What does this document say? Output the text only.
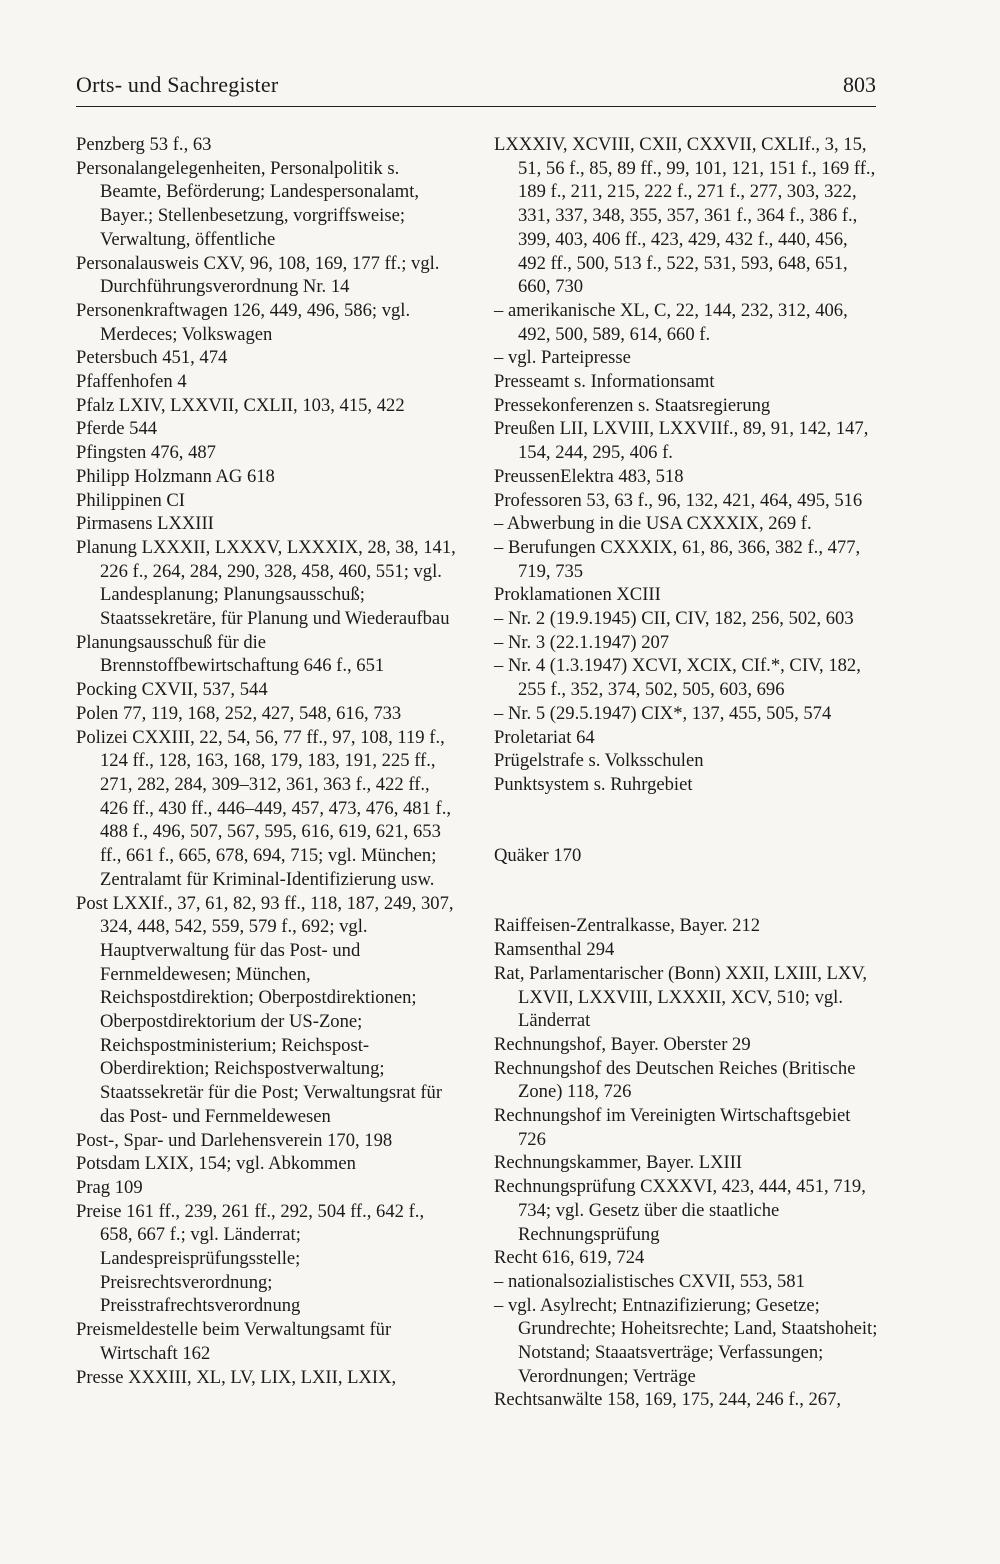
Orts- und Sachregister	803
Penzberg 53 f., 63
Personalangelegenheiten, Personalpolitik s. Beamte, Beförderung; Landespersonalamt, Bayer.; Stellenbesetzung, vorgriffsweise; Verwaltung, öffentliche
Personalausweis CXV, 96, 108, 169, 177 ff.; vgl. Durchführungsverordnung Nr. 14
Personenkraftwagen 126, 449, 496, 586; vgl. Merdeces; Volkswagen
Petersbuch 451, 474
Pfaffenhofen 4
Pfalz LXIV, LXXVII, CXLII, 103, 415, 422
Pferde 544
Pfingsten 476, 487
Philipp Holzmann AG 618
Philippinen CI
Pirmasens LXXIII
Planung LXXXII, LXXXV, LXXXIX, 28, 38, 141, 226 f., 264, 284, 290, 328, 458, 460, 551; vgl. Landesplanung; Planungsausschuß; Staatssekretäre, für Planung und Wiederaufbau
Planungsausschuß für die Brennstoffbewirtschaftung 646 f., 651
Pocking CXVII, 537, 544
Polen 77, 119, 168, 252, 427, 548, 616, 733
Polizei CXXIII, 22, 54, 56, 77 ff., 97, 108, 119 f., 124 ff., 128, 163, 168, 179, 183, 191, 225 ff., 271, 282, 284, 309–312, 361, 363 f., 422 ff., 426 ff., 430 ff., 446–449, 457, 473, 476, 481 f., 488 f., 496, 507, 567, 595, 616, 619, 621, 653 ff., 661 f., 665, 678, 694, 715; vgl. München; Zentralamt für Kriminal-Identifizierung usw.
Post LXXIf., 37, 61, 82, 93 ff., 118, 187, 249, 307, 324, 448, 542, 559, 579 f., 692; vgl. Hauptverwaltung für das Post- und Fernmeldewesen; München, Reichspostdirektion; Oberpostdirektionen; Oberpostdirektorium der US-Zone; Reichspostministerium; Reichspost-Oberdirektion; Reichspostverwaltung; Staatssekretär für die Post; Verwaltungsrat für das Post- und Fernmeldewesen
Post-, Spar- und Darlehensverein 170, 198
Potsdam LXIX, 154; vgl. Abkommen
Prag 109
Preise 161 ff., 239, 261 ff., 292, 504 ff., 642 f., 658, 667 f.; vgl. Länderrat; Landespreisprüfungsstelle; Preisrechtsverordnung; Preisstrafrechtsverordnung
Preismeldestelle beim Verwaltungsamt für Wirtschaft 162
Presse XXXIII, XL, LV, LIX, LXII, LXIX,
LXXXIV, XCVIII, CXII, CXXVII, CXLIf., 3, 15, 51, 56 f., 85, 89 ff., 99, 101, 121, 151 f., 169 ff., 189 f., 211, 215, 222 f., 271 f., 277, 303, 322, 331, 337, 348, 355, 357, 361 f., 364 f., 386 f., 399, 403, 406 ff., 423, 429, 432 f., 440, 456, 492 ff., 500, 513 f., 522, 531, 593, 648, 651, 660, 730
– amerikanische XL, C, 22, 144, 232, 312, 406, 492, 500, 589, 614, 660 f.
– vgl. Parteipresse
Presseamt s. Informationsamt
Pressekonferenzen s. Staatsregierung
Preußen LII, LXVIII, LXXVIIf., 89, 91, 142, 147, 154, 244, 295, 406 f.
PreussenElektra 483, 518
Professoren 53, 63 f., 96, 132, 421, 464, 495, 516
– Abwerbung in die USA CXXXIX, 269 f.
– Berufungen CXXXIX, 61, 86, 366, 382 f., 477, 719, 735
Proklamationen XCIII
– Nr. 2 (19.9.1945) CII, CIV, 182, 256, 502, 603
– Nr. 3 (22.1.1947) 207
– Nr. 4 (1.3.1947) XCVI, XCIX, CIf.*, CIV, 182, 255 f., 352, 374, 502, 505, 603, 696
– Nr. 5 (29.5.1947) CIX*, 137, 455, 505, 574
Proletariat 64
Prügelstrafe s. Volksschulen
Punktsystem s. Ruhrgebiet
Quäker 170
Raiffeisen-Zentralkasse, Bayer. 212
Ramsenthal 294
Rat, Parlamentarischer (Bonn) XXII, LXIII, LXV, LXVII, LXXVIII, LXXXII, XCV, 510; vgl. Länderrat
Rechnungshof, Bayer. Oberster 29
Rechnungshof des Deutschen Reiches (Britische Zone) 118, 726
Rechnungshof im Vereinigten Wirtschaftsgebiet 726
Rechnungskammer, Bayer. LXIII
Rechnungsprüfung CXXXVI, 423, 444, 451, 719, 734; vgl. Gesetz über die staatliche Rechnungsprüfung
Recht 616, 619, 724
– nationalsozialistisches CXVII, 553, 581
– vgl. Asylrecht; Entnazifizierung; Gesetze; Grundrechte; Hoheitsrechte; Land, Staatshoheit; Notstand; Staaatsverträge; Verfassungen; Verordnungen; Verträge
Rechtsanwälte 158, 169, 175, 244, 246 f., 267,
